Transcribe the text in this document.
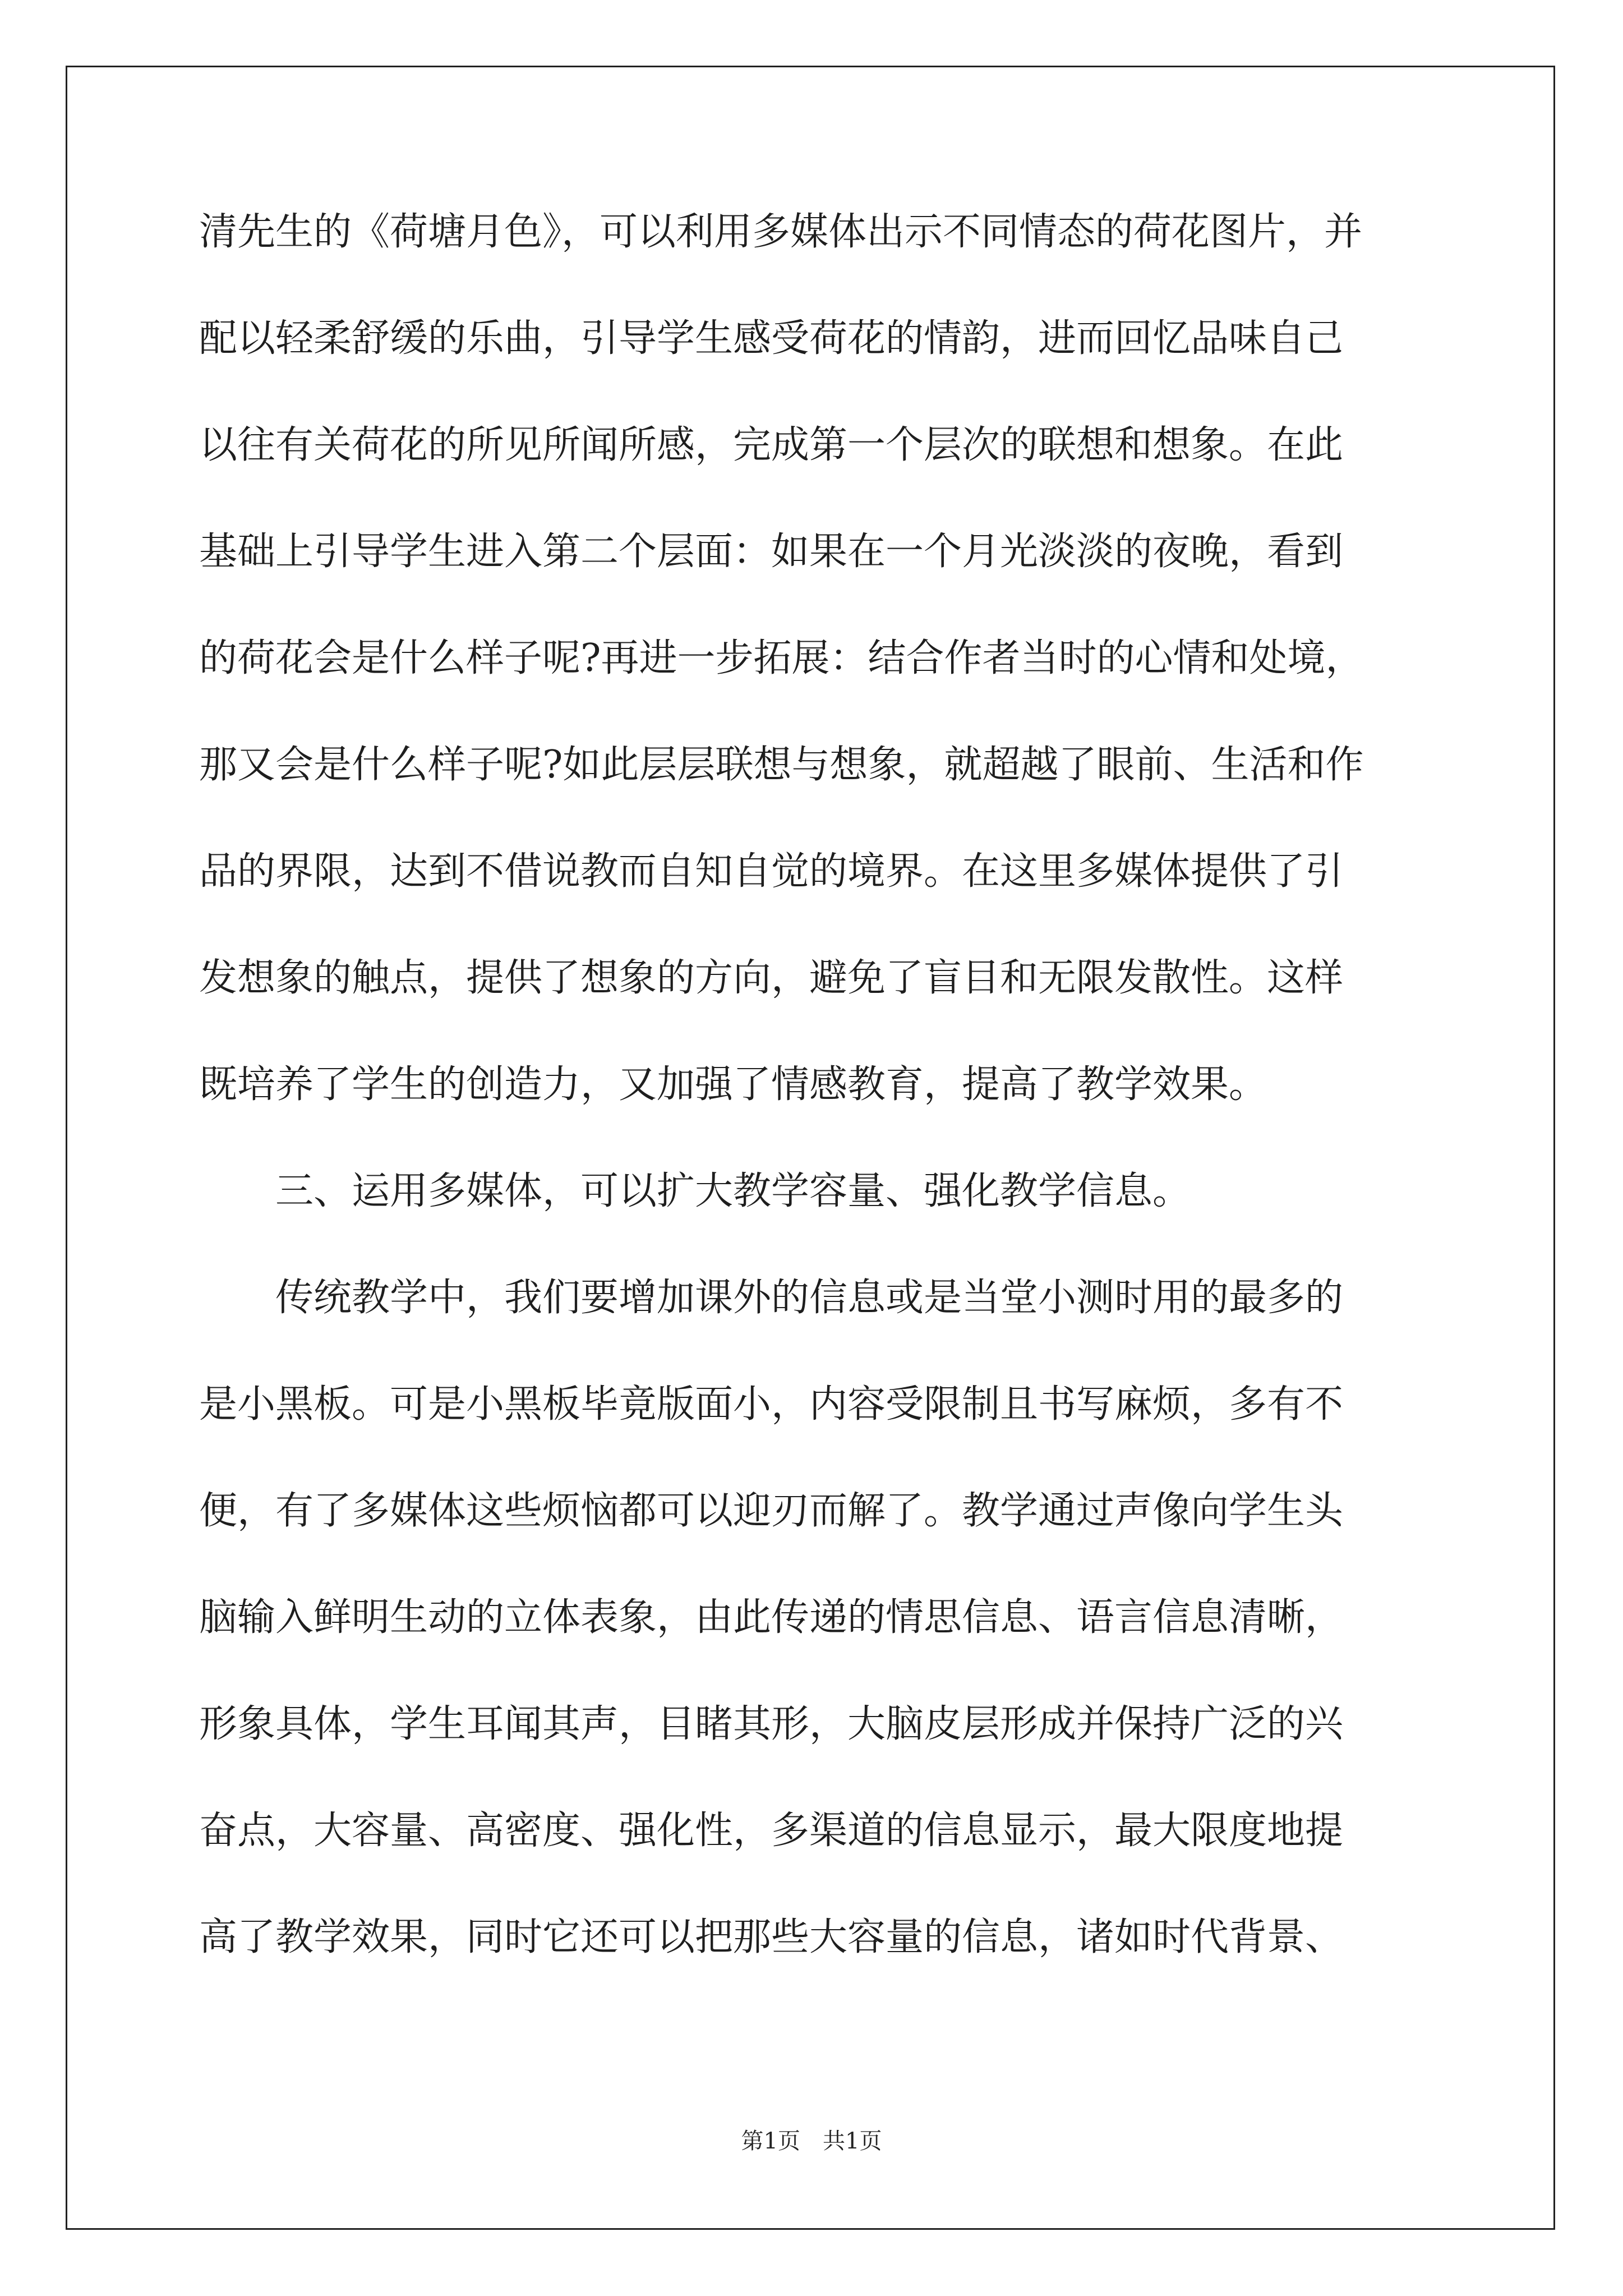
清先生的《荷塘月色》，可以利用多媒体出示不同情态的荷花图片，并
配以轻柔舒缓的乐曲，引导学生感受荷花的情韵，进而回忆品味自己
以往有关荷花的所见所闻所感，完成第一个层次的联想和想象。在此
基础上引导学生进入第二个层面：如果在一个月光淡淡的夜晚，看到
的荷花会是什么样子呢?再进一步拓展：结合作者当时的心情和处境，
那又会是什么样子呢?如此层层联想与想象，就超越了眼前、生活和作
品的界限，达到不借说教而自知自觉的境界。在这里多媒体提供了引
发想象的触点，提供了想象的方向，避免了盲目和无限发散性。这样
既培养了学生的创造力，又加强了情感教育，提高了教学效果。
三、运用多媒体，可以扩大教学容量、强化教学信息。
传统教学中，我们要增加课外的信息或是当堂小测时用的最多的
是小黑板。可是小黑板毕竟版面小，内容受限制且书写麻烦，多有不
便，有了多媒体这些烦恼都可以迎刃而解了。教学通过声像向学生头
脑输入鲜明生动的立体表象，由此传递的情思信息、语言信息清晰，
形象具体，学生耳闻其声，目睹其形，大脑皮层形成并保持广泛的兴
奋点，大容量、高密度、强化性，多渠道的信息显示，最大限度地提
高了教学效果，同时它还可以把那些大容量的信息，诸如时代背景、
第1页　共1页
